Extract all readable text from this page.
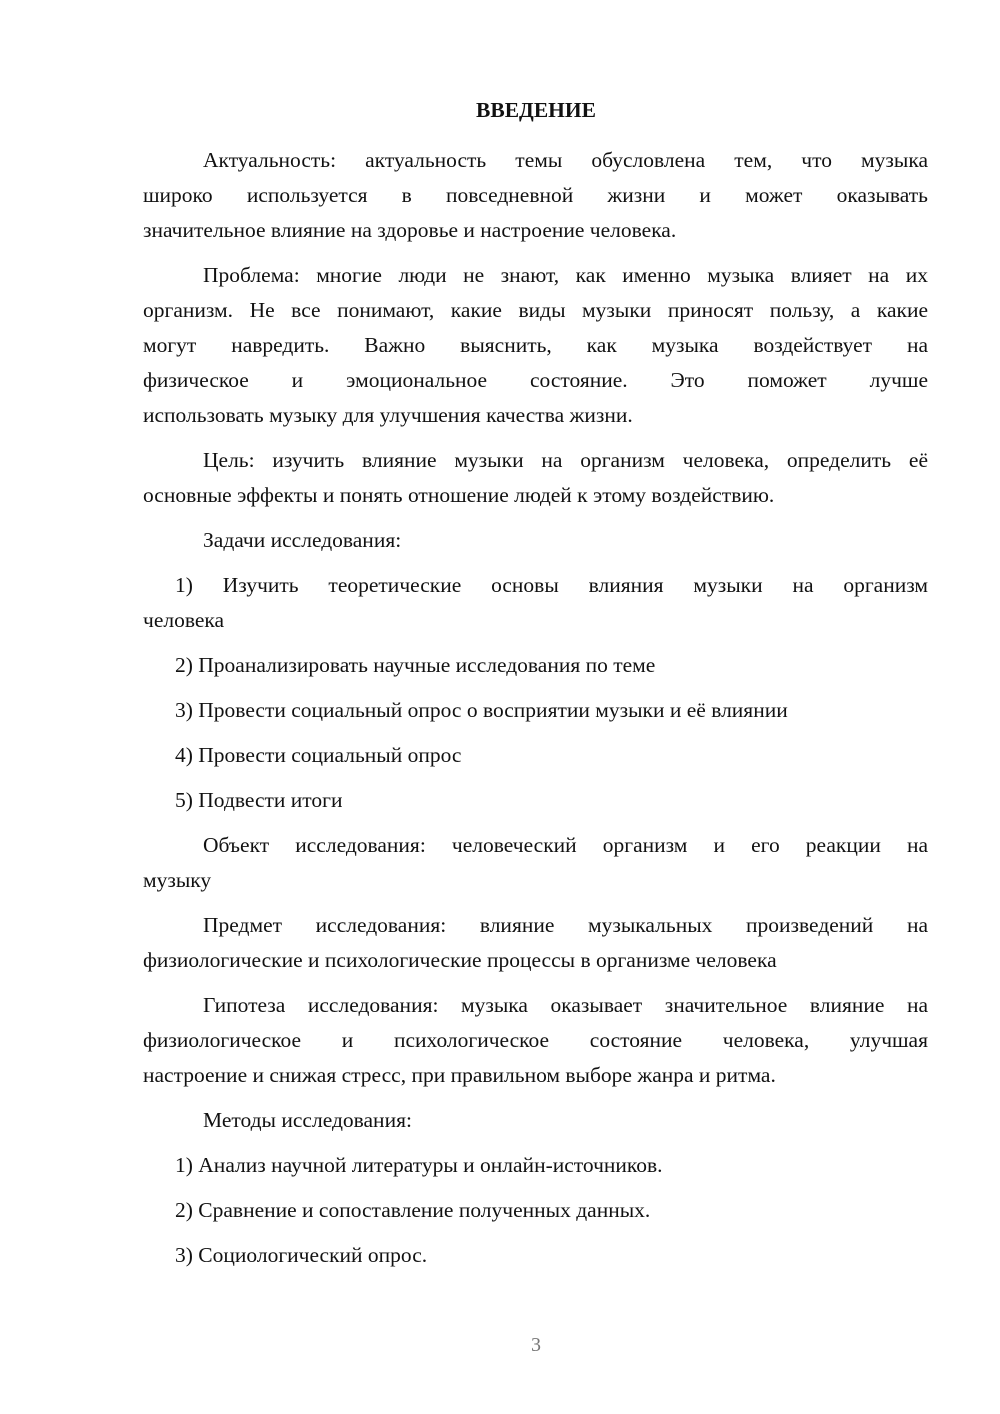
ВВЕДЕНИЕ
Актуальность: актуальность темы обусловлена тем, что музыка
широко используется в повседневной жизни и может оказывать
значительное влияние на здоровье и настроение человека.
Проблема: многие люди не знают, как именно музыка влияет на их
организм. Не все понимают, какие виды музыки приносят пользу, а какие
могут навредить. Важно выяснить, как музыка воздействует на
физическое и эмоциональное состояние. Это поможет лучше
использовать музыку для улучшения качества жизни.
Цель: изучить влияние музыки на организм человека, определить её
основные эффекты и понять отношение людей к этому воздействию.
Задачи исследования:
1) Изучить теоретические основы влияния музыки на организм
человека
2) Проанализировать научные исследования по теме
3) Провести социальный опрос о восприятии музыки и её влиянии
4) Провести социальный опрос
5) Подвести итоги
Объект исследования: человеческий организм и его реакции на
музыку
Предмет исследования: влияние музыкальных произведений на
физиологические и психологические процессы в организме человека
Гипотеза исследования: музыка оказывает значительное влияние на
физиологическое и психологическое состояние человека, улучшая
настроение и снижая стресс, при правильном выборе жанра и ритма.
Методы исследования:
1) Анализ научной литературы и онлайн-источников.
2) Сравнение и сопоставление полученных данных.
3) Социологический опрос.
3
